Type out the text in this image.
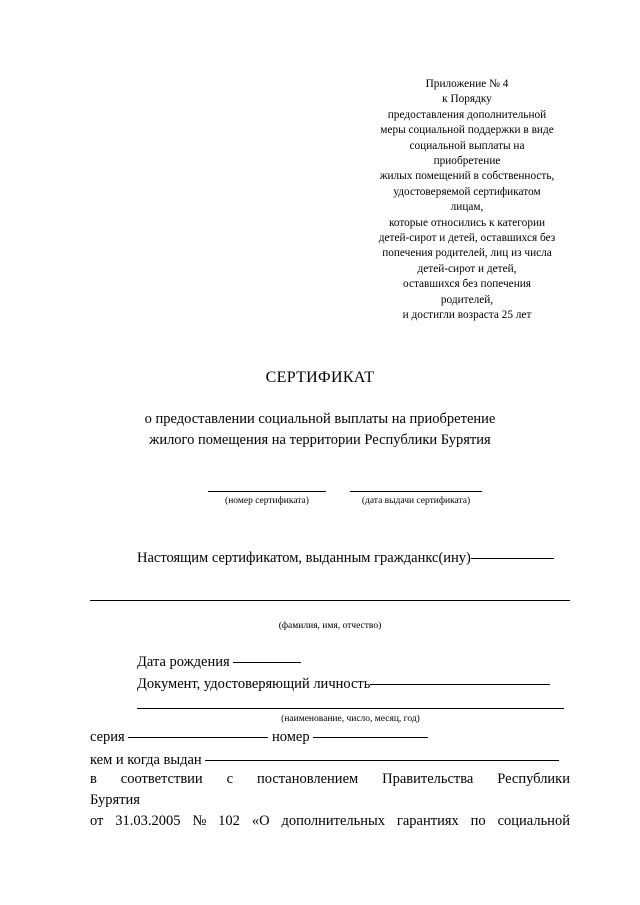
Приложение № 4
к Порядку
предоставления дополнительной
меры социальной поддержки в виде
социальной выплаты на
приобретение
жилых помещений в собственность,
удостоверяемой сертификатом
лицам,
которые относились к категории
детей-сирот и детей, оставшихся без
попечения родителей, лиц из числа
детей-сирот и детей,
оставшихся без попечения
родителей,
и достигли возраста 25 лет
СЕРТИФИКАТ
о предоставлении социальной выплаты на приобретение
жилого помещения на территории Республики Бурятия
(номер сертификата)	(дата выдачи сертификата)
Настоящим сертификатом, выданным гражданкс(ину)
(фамилия, имя, отчество)
Дата рождения
Документ, удостоверяющий личность
(наименование, число, месяц, год)
серия	номер
кем и когда выдан
в соответствии с постановлением Правительства Республики
Бурятия
от 31.03.2005 № 102 «О дополнительных гарантиях по социальной
